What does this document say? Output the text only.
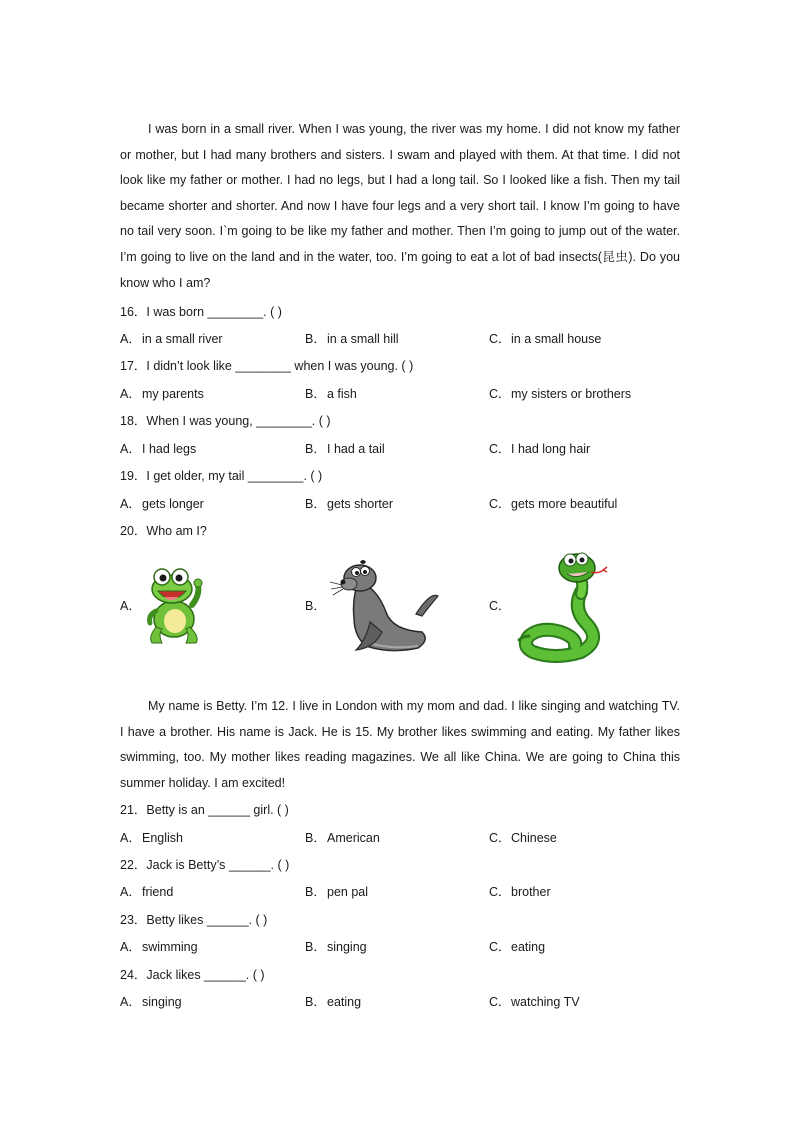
I was born in a small river. When I was young, the river was my home. I did not know my father or mother, but I had many brothers and sisters. I swam and played with them. At that time. I did not look like my father or mother. I had no legs, but I had a long tail. So I looked like a fish. Then my tail became shorter and shorter. And now I have four legs and a very short tail. I know I’m going to have no tail very soon. I`m going to be like my father and mother. Then I’m going to jump out of the water. I’m going to live on the land and in the water, too. I’m going to eat a lot of bad insects(昆虫). Do you know who I am?

16．I was born ________. ( )
A．in a small river	B．in a small hill	C．in a small house
17．I didn’t look like ________ when I was young. ( )
A．my parents	B．a fish	C．my sisters or brothers
18．When I was young, ________. ( )
A．I had legs	B．I had a tail	C．I had long hair
19．I get older, my tail ________. ( )
A．gets longer	B．gets shorter	C．gets more beautiful
20．Who am I?
A．	B．	C．

My name is Betty. I’m 12. I live in London with my mom and dad. I like singing and watching TV. I have a brother. His name is Jack. He is 15. My brother likes swimming and eating. My father likes swimming, too. My mother likes reading magazines. We all like China. We are going to China this summer holiday. I am excited!

21．Betty is an ______ girl. ( )
A．English	B．American	C．Chinese
22．Jack is Betty’s ______. ( )
A．friend	B．pen pal	C．brother
23．Betty likes ______. ( )
A．swimming	B．singing	C．eating
24．Jack likes ______. ( )
A．singing	B．eating	C．watching TV
